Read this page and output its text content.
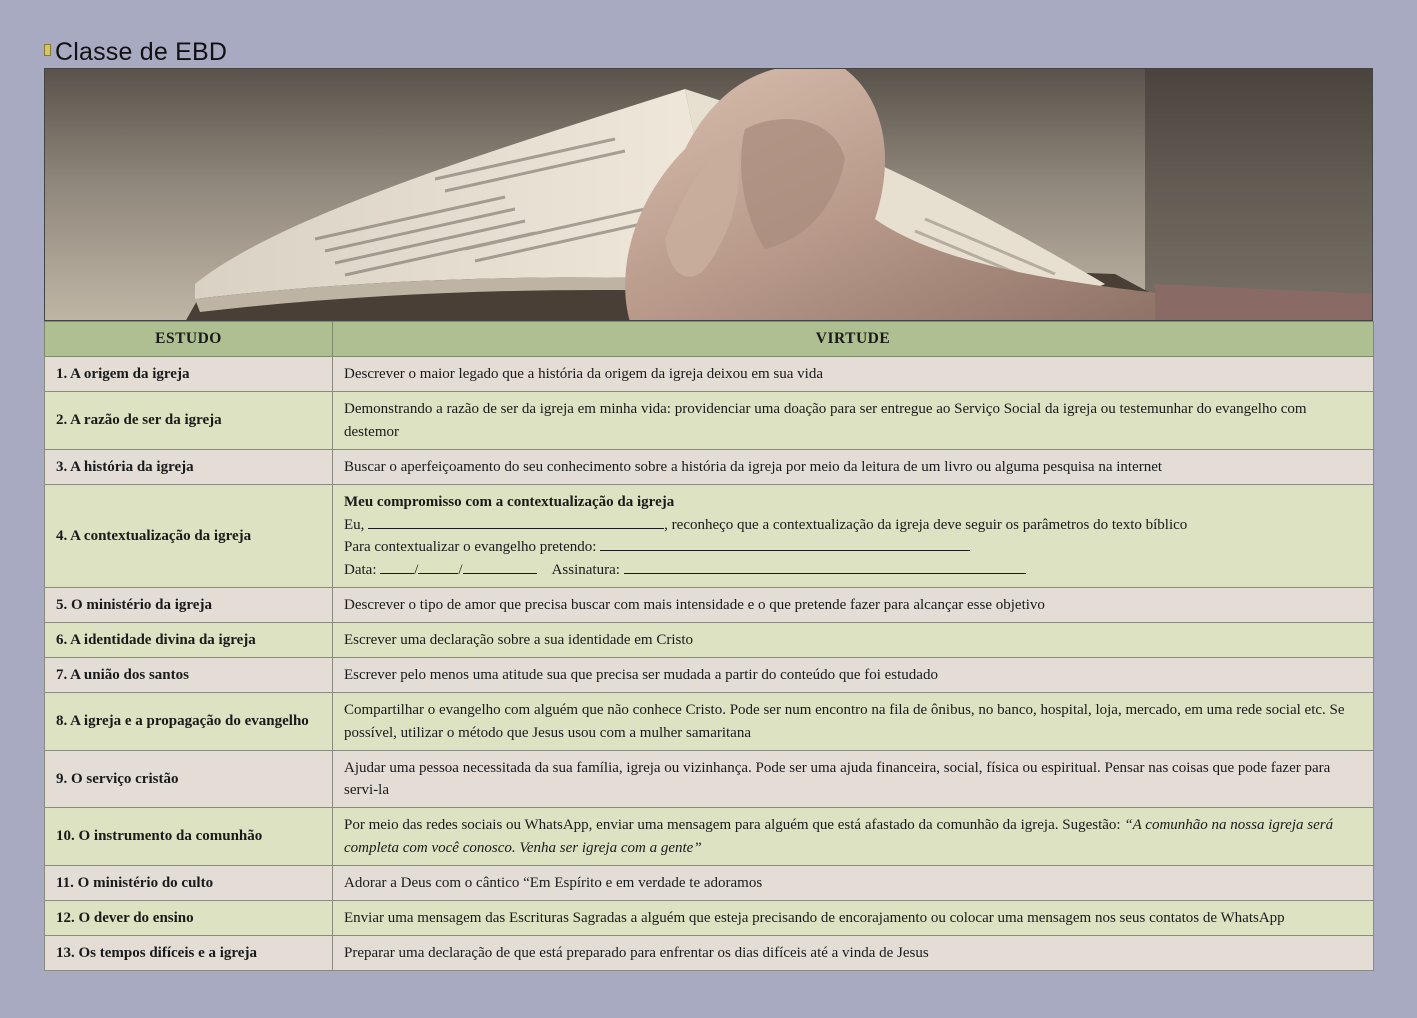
Classe de EBD
ESTUDO	VIRTUDE
1. A origem da igreja	Descrever o maior legado que a história da origem da igreja deixou em sua vida
2. A razão de ser da igreja	Demonstrando a razão de ser da igreja em minha vida: providenciar uma doação para ser entregue ao Serviço Social da igreja ou testemunhar do evangelho com destemor
3. A história da igreja	Buscar o aperfeiçoamento do seu conhecimento sobre a história da igreja por meio da leitura de um livro ou alguma pesquisa na internet
4. A contextualização da igreja	Meu compromisso com a contextualização da igreja
Eu, , reconheço que a contextualização da igreja deve seguir os parâmetros do texto bíblico
Para contextualizar o evangelho pretendo:
Data: / / Assinatura:

5. O ministério da igreja	Descrever o tipo de amor que precisa buscar com mais intensidade e o que pretende fazer para alcançar esse objetivo
6. A identidade divina da igreja	Escrever uma declaração sobre a sua identidade em Cristo
7. A união dos santos	Escrever pelo menos uma atitude sua que precisa ser mudada a partir do conteúdo que foi estudado
8. A igreja e a propagação do evangelho	Compartilhar o evangelho com alguém que não conhece Cristo. Pode ser num encontro na fila de ônibus, no banco, hospital, loja, mercado, em uma rede social etc. Se possível, utilizar o método que Jesus usou com a mulher samaritana
9. O serviço cristão	Ajudar uma pessoa necessitada da sua família, igreja ou vizinhança. Pode ser uma ajuda financeira, social, física ou espiritual. Pensar nas coisas que pode fazer para servi-la
10. O instrumento da comunhão	Por meio das redes sociais ou WhatsApp, enviar uma mensagem para alguém que está afastado da comunhão da igreja. Sugestão: “A comunhão na nossa igreja será completa com você conosco. Venha ser igreja com a gente”
11. O ministério do culto	Adorar a Deus com o cântico “Em Espírito e em verdade te adoramos
12. O dever do ensino	Enviar uma mensagem das Escrituras Sagradas a alguém que esteja precisando de encorajamento ou colocar uma mensagem nos seus contatos de WhatsApp
13. Os tempos difíceis e a igreja	Preparar uma declaração de que está preparado para enfrentar os dias difíceis até a vinda de Jesus
